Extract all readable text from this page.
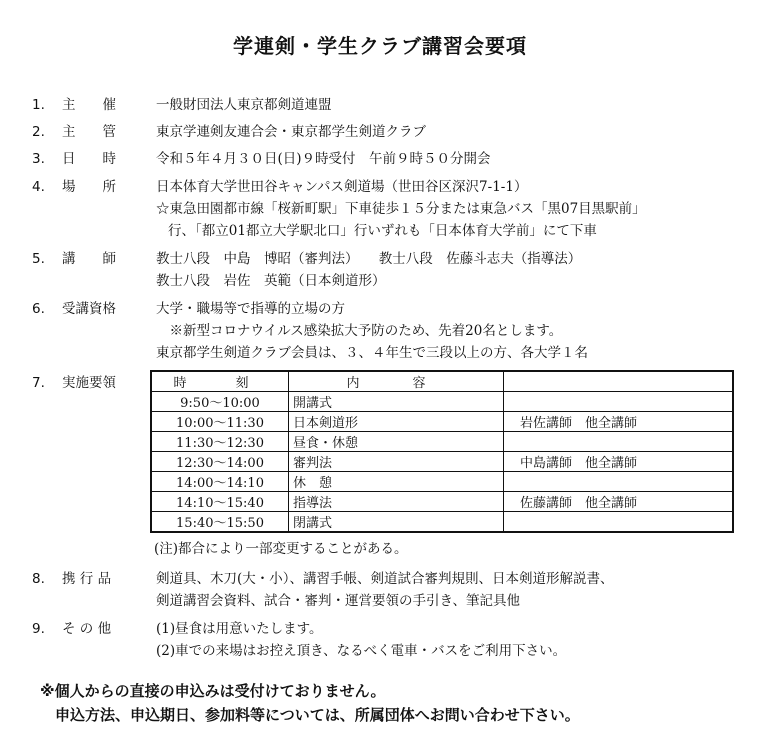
学連剣・学生クラブ講習会要項
1.	主　　催	一般財団法人東京都剣道連盟
2.	主　　管	東京学連剣友連合会・東京都学生剣道クラブ
3.	日　　時	令和５年４月３０日(日)９時受付　午前９時５０分開会
4.	場　　所	日本体育大学世田谷キャンパス剣道場（世田谷区深沢7-1-1）
☆東急田園都市線「桜新町駅」下車徒歩１５分または東急バス「黒07目黒駅前」
行、「都立01都立大学駅北口」行いずれも「日本体育大学前」にて下車
5.	講　　師	教士八段　中島　博昭（審判法）　　教士八段　佐藤斗志夫（指導法）
教士八段　岩佐　英範（日本剣道形）
6.	受講資格	大学・職場等で指導的立場の方
　※新型コロナウイルス感染拡大予防のため、先着20名とします。
東京都学生剣道クラブ会員は、３、４年生で三段以上の方、各大学１名
7.	実施要領	時　刻	内　容	
9:50〜10:00	開講式	
10:00〜11:30	日本剣道形	岩佐講師　他全講師
11:30〜12:30	昼食・休憩	
12:30〜14:00	審判法	中島講師　他全講師
14:00〜14:10	休　憩	
14:10〜15:40	指導法	佐藤講師　他全講師
15:40〜15:50	閉講式	
(注)都合により一部変更することがある。
8.	携 行 品	剣道具、木刀(大・小）、講習手帳、剣道試合審判規則、日本剣道形解説書、
剣道講習会資料、試合・審判・運営要領の手引き、筆記具他
9.	そ の 他	(1)昼食は用意いたします。
(2)車での来場はお控え頂き、なるべく電車・バスをご利用下さい。
※個人からの直接の申込みは受付けておりません。
　申込方法、申込期日、参加料等については、所属団体へお問い合わせ下さい。
